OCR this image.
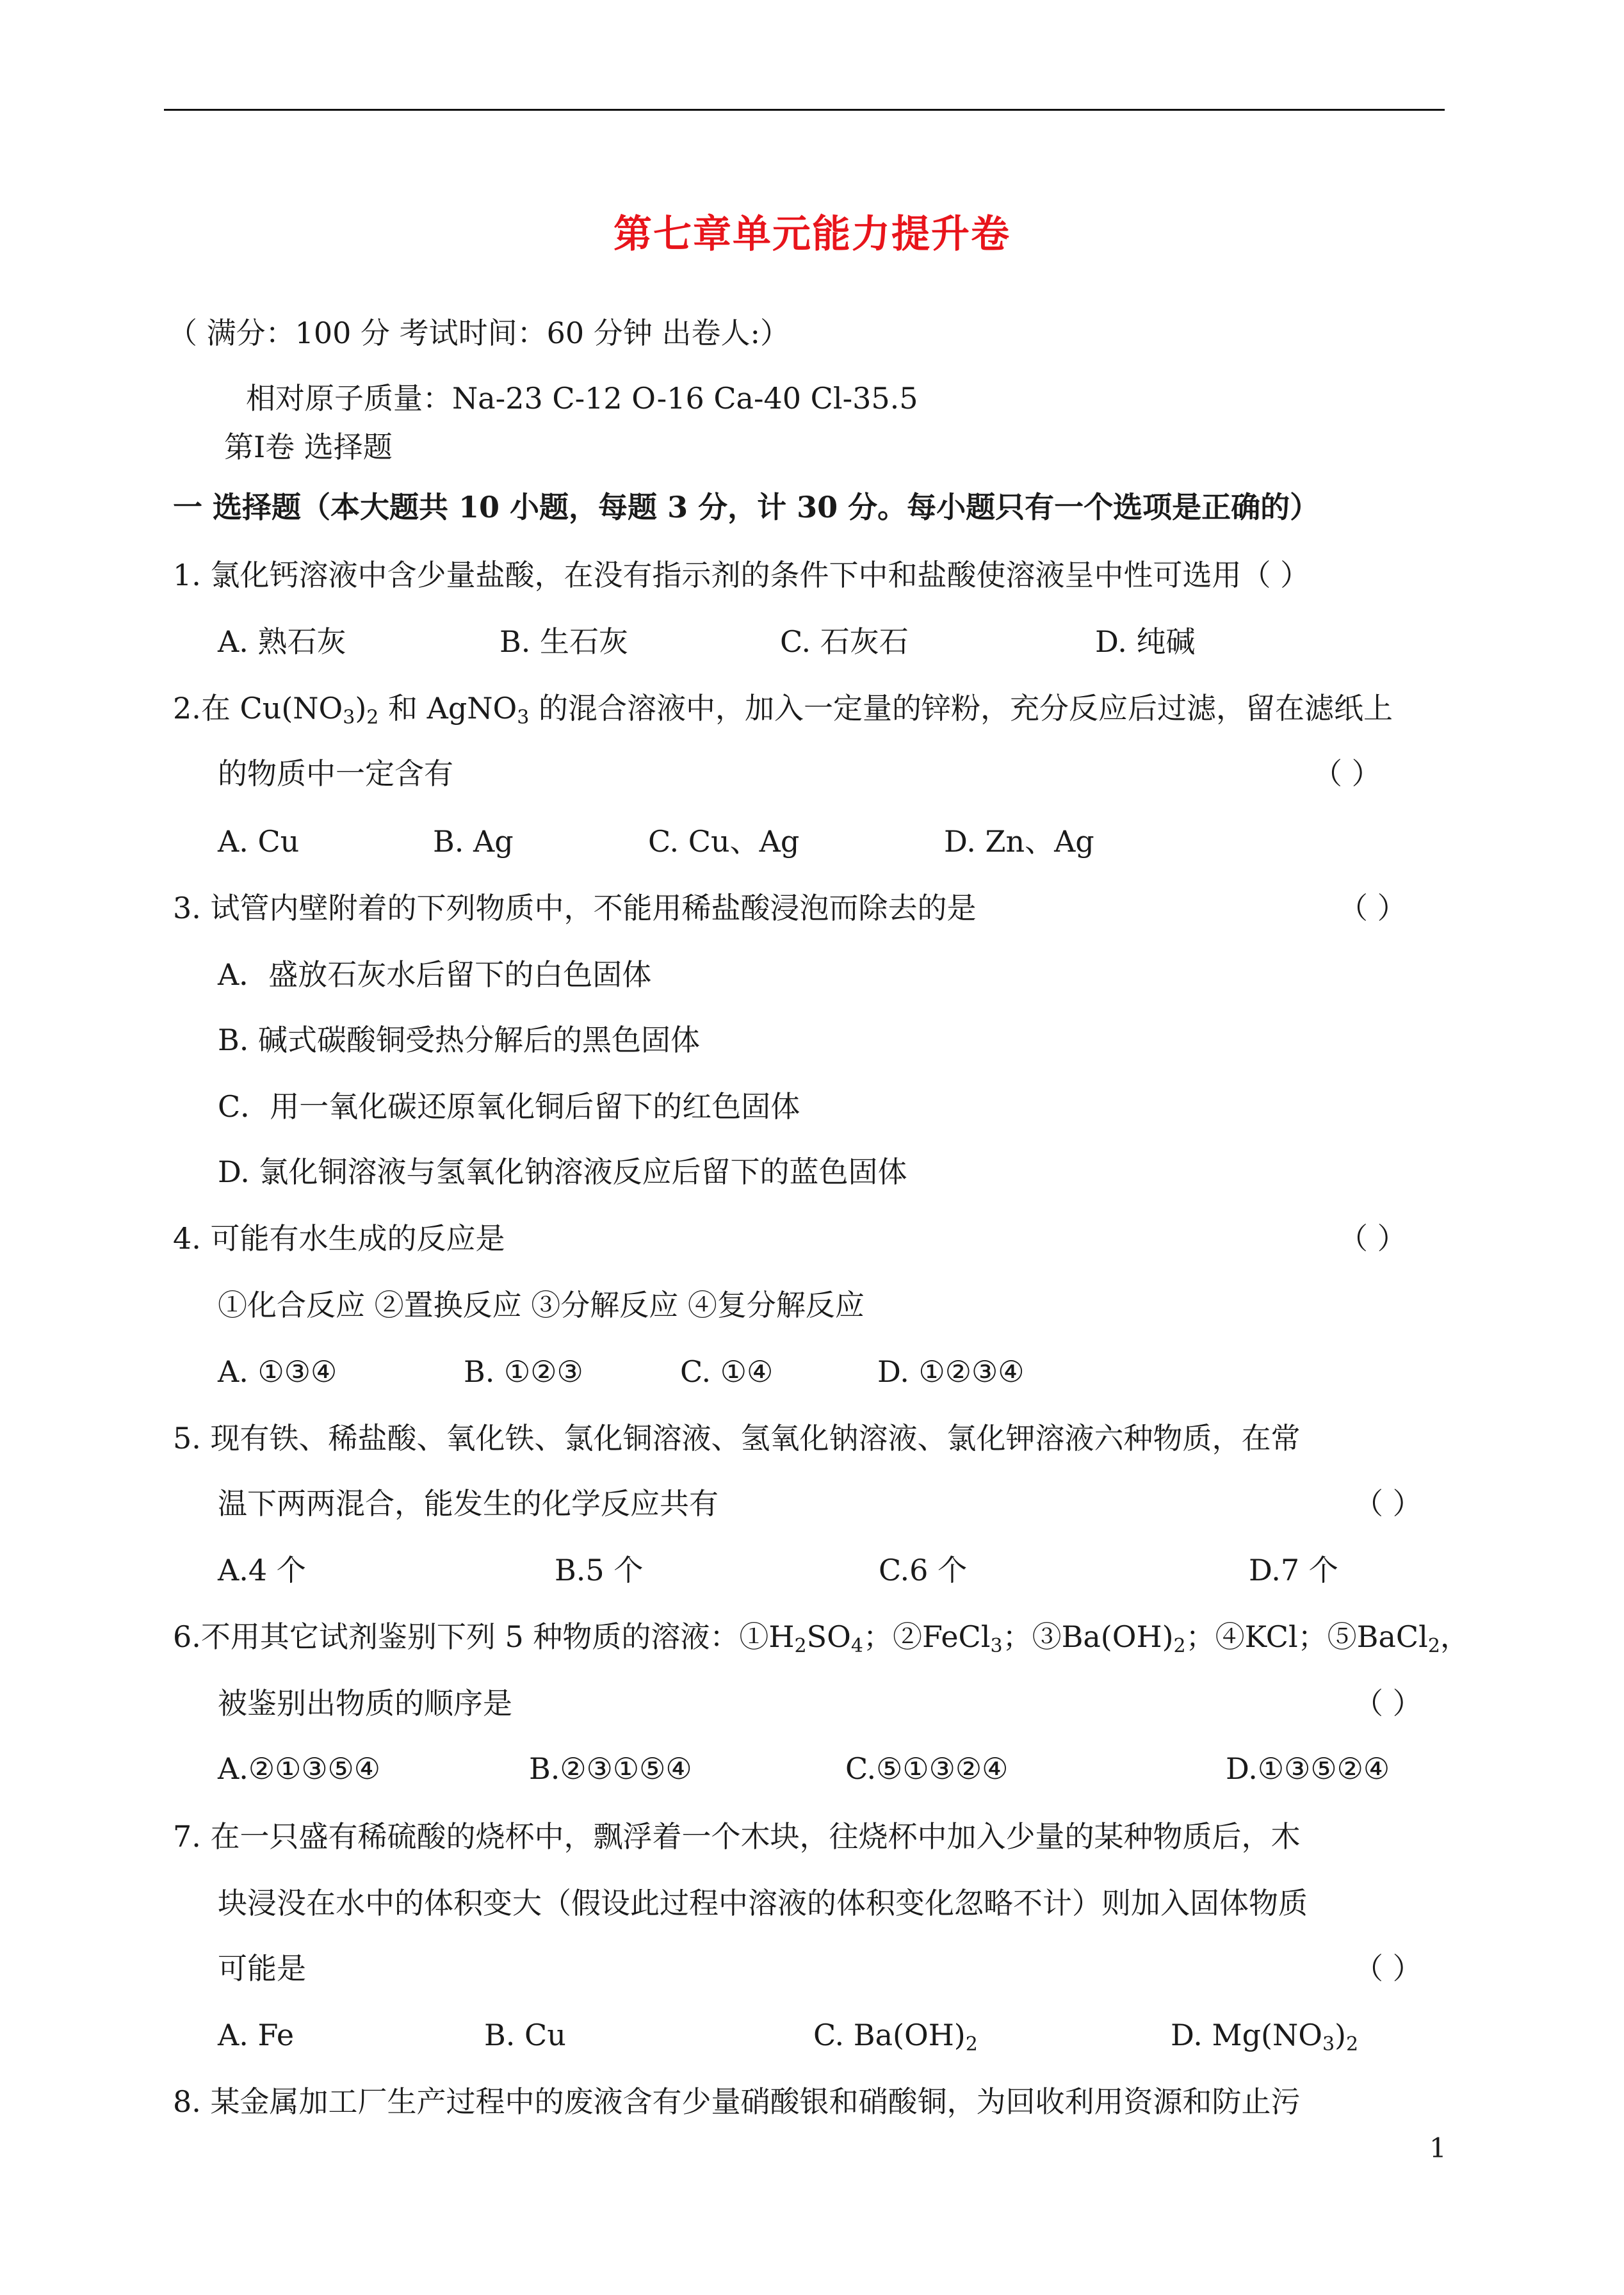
第七章单元能力提升卷
（ 满分：100 分 考试时间：60 分钟 出卷人:）
相对原子质量：Na-23 C-12 O-16 Ca-40 Cl-35.5
第Ⅰ卷 选择题
一 选择题（本大题共 10 小题，每题 3 分，计 30 分。每小题只有一个选项是正确的）
1. 氯化钙溶液中含少量盐酸，在没有指示剂的条件下中和盐酸使溶液呈中性可选用（ ）
A. 熟石灰	B. 生石灰	C. 石灰石	D. 纯碱
2.在 $Cu(NO_3)_2$ 和 AgNO$_3$ 的混合溶液中，加入一定量的锌粉，充分反应后过滤，留在滤纸上
的物质中一定含有	（ ）
A. Cu	B. Ag	C. Cu、Ag	D. Zn、Ag
3. 试管内壁附着的下列物质中，不能用稀盐酸浸泡而除去的是	（ ）
A．盛放石灰水后留下的白色固体
B. 碱式碳酸铜受热分解后的黑色固体
C．用一氧化碳还原氧化铜后留下的红色固体
D. 氯化铜溶液与氢氧化钠溶液反应后留下的蓝色固体
4. 可能有水生成的反应是	（ ）
①化合反应 ②置换反应 ③分解反应 ④复分解反应
A. ①③④	B. ①②③	C. ①④	D. ①②③④
5. 现有铁、稀盐酸、氧化铁、氯化铜溶液、氢氧化钠溶液、氯化钾溶液六种物质，在常
温下两两混合，能发生的化学反应共有	（ ）
A.4 个	B.5 个	C.6 个	D.7 个
6.不用其它试剂鉴别下列 5 种物质的溶液：$①H_2SO_4$；②FeCl$_3$；$③Ba(OH)_2$；④KCl；⑤BaCl$_2$，
被鉴别出物质的顺序是	（ ）
A.②①③⑤④	B.②③①⑤④	C.⑤①③②④	D.①③⑤②④
7. 在一只盛有稀硫酸的烧杯中，飘浮着一个木块，往烧杯中加入少量的某种物质后，木
块浸没在水中的体积变大（假设此过程中溶液的体积变化忽略不计）则加入固体物质
可能是	（ ）
A. Fe	B. Cu	C. $Ba(OH)_2$	D. $Mg(NO_3)_2$
8. 某金属加工厂生产过程中的废液含有少量硝酸银和硝酸铜，为回收利用资源和防止污
1
